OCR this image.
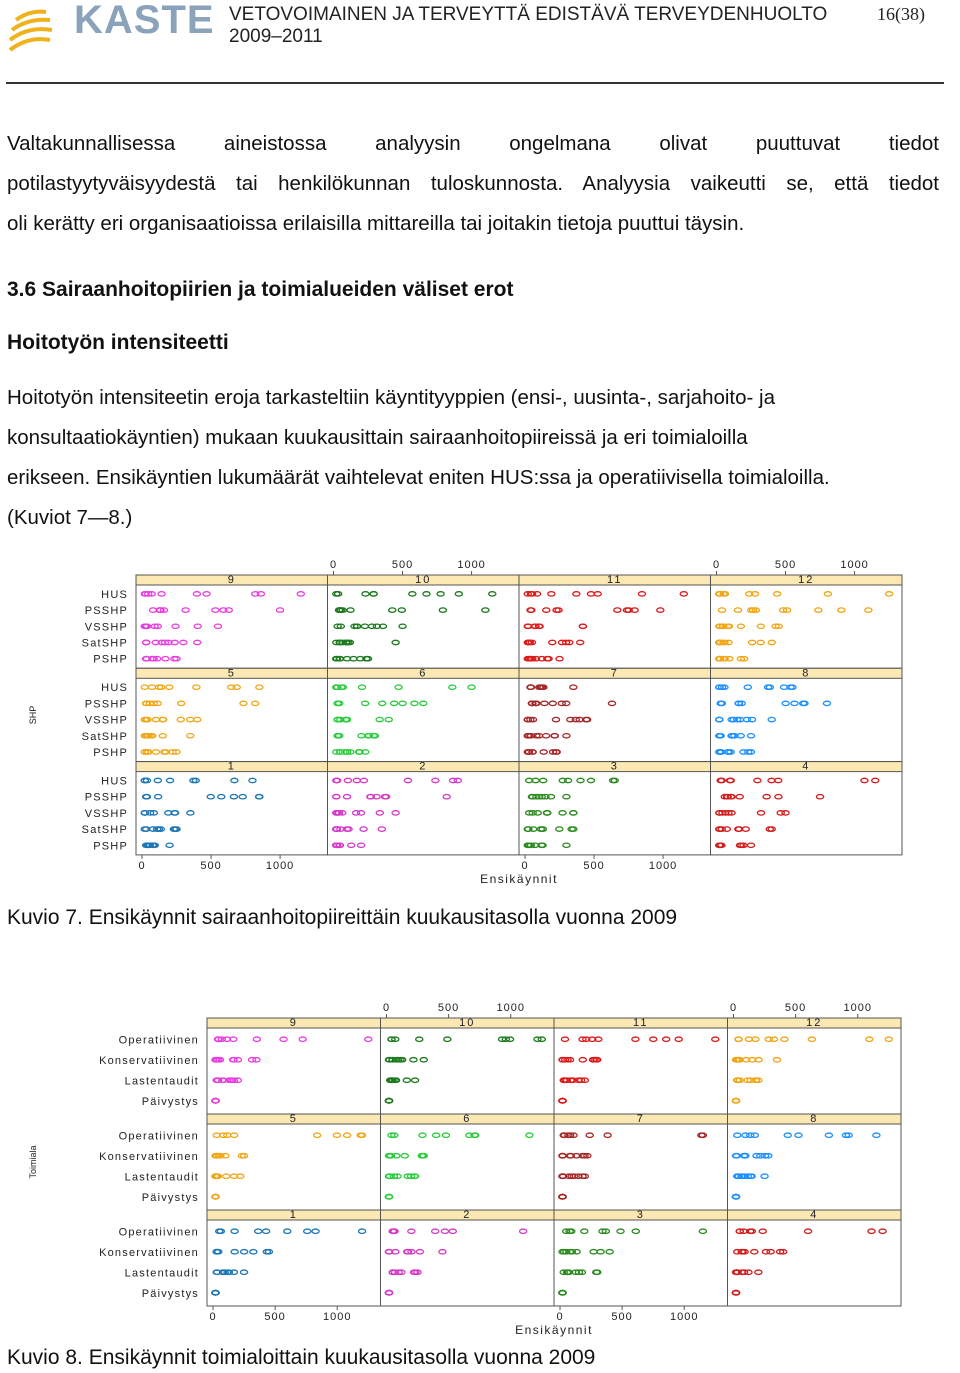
KASTE VETOVOIMAINEN JA TERVEYTTÄ EDISTÄVÄ TERVEYDENHUOLTO
2009–2011
16(38)

Valtakunnallisessa aineistossa analyysin ongelmana olivat puuttuvat tiedot

potilastyytyväisyydestä tai henkilökunnan tuloskunnosta. Analyysia vaikeutti se, että tiedot

oli kerätty eri organisaatioissa erilaisilla mittareilla tai joitakin tietoja puuttui täysin.

3.6 Sairaanhoitopiirien ja toimialueiden väliset erot
Hoitotyön intensiteetti

Hoitotyön intensiteetin eroja tarkasteltiin käyntityyppien (ensi-, uusinta-, sarjahoito- ja

konsultaatiokäyntien) mukaan kuukausittain sairaanhoitopiireissä ja eri toimialoilla

erikseen. Ensikäyntien lukumäärät vaihtelevat eniten HUS:ssa ja operatiivisella toimialoilla.

(Kuviot 7—8.)

9
HUS
PSSHP
VSSHP
SatSHP
PSHP
10	11	12
5
HUS
PSSHP
VSSHP
SatSHP
PSHP
6	7	8
1
HUS
PSSHP
VSSHP
SatSHP
PSHP
2	3	4
0	500	1000	0	500	1000
0	500	1000	0	500	1000
Ensikäynnit
SHP
Kuvio 7. Ensikäynnit sairaanhoitopiireittäin kuukausitasolla vuonna 2009
9
Operatiivinen
Konservatiivinen
Lastentaudit
Päivystys
10	11	12
5
Operatiivinen
Konservatiivinen
Lastentaudit
Päivystys
6	7	8
1
Operatiivinen
Konservatiivinen
Lastentaudit
Päivystys
2	3	4
0	500	1000	0	500	1000
0	500	1000	0	500	1000
Ensikäynnit
Toimiala
Kuvio 8. Ensikäynnit toimialoittain kuukausitasolla vuonna 2009
